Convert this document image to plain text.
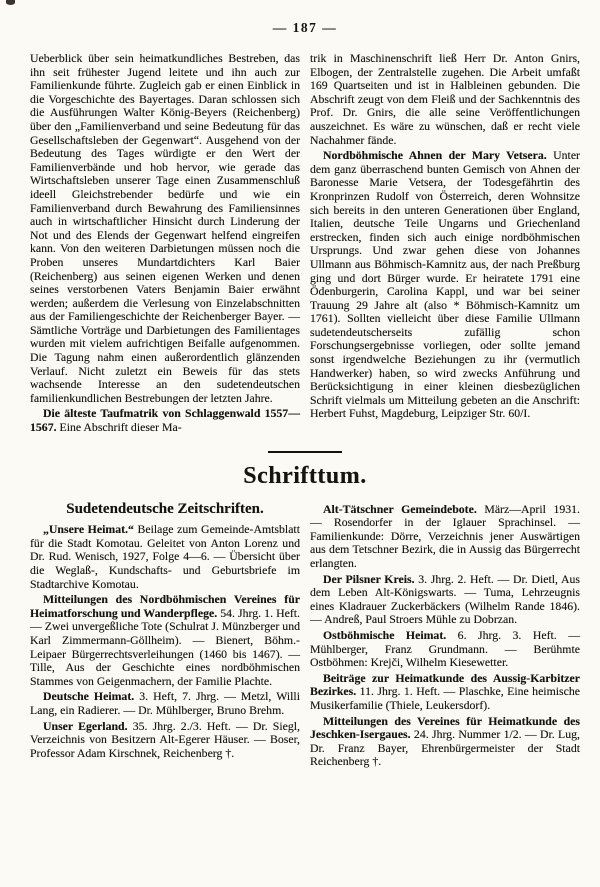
— 187 —

Ueberblick über sein heimatkundliches Bestreben, das ihn seit frühester Jugend leitete und ihn auch zur Familienkunde führte. Zugleich gab er einen Einblick in die Vorgeschichte des Bayertages. Daran schlossen sich die Ausführungen Walter König-Beyers (Reichenberg) über den „Familienverband und seine Bedeutung für das Gesellschaftsleben der Gegenwart“. Ausgehend von der Bedeutung des Tages würdigte er den Wert der Familienverbände und hob hervor, wie gerade das Wirtschaftsleben unserer Tage einen Zusammenschluß ideell Gleichstrebender bedürfe und wie ein Familienverband durch Bewahrung des Familiensinnes auch in wirtschaftlicher Hinsicht durch Linderung der Not und des Elends der Gegenwart helfend eingreifen kann. Von den weiteren Darbietungen müssen noch die Proben unseres Mundartdichters Karl Baier (Reichenberg) aus seinen eigenen Werken und denen seines verstorbenen Vaters Benjamin Baier erwähnt werden; außerdem die Verlesung von Einzelabschnitten aus der Familiengeschichte der Reichenberger Bayer. — Sämtliche Vorträge und Darbietungen des Familientages wurden mit vielem aufrichtigen Beifalle aufgenommen. Die Tagung nahm einen außerordentlich glänzenden Verlauf. Nicht zuletzt ein Beweis für das stets wachsende Interesse an den sudetendeutschen familienkundlichen Bestrebungen der letzten Jahre.

Die älteste Taufmatrik von Schlaggenwald 1557—1567. Eine Abschrift dieser Ma-

trik in Maschinenschrift ließ Herr Dr. Anton Gnirs, Elbogen, der Zentralstelle zugehen. Die Arbeit umfaßt 169 Quartseiten und ist in Halbleinen gebunden. Die Abschrift zeugt von dem Fleiß und der Sachkenntnis des Prof. Dr. Gnirs, die alle seine Veröffentlichungen auszeichnet. Es wäre zu wünschen, daß er recht viele Nachahmer fände.

Nordböhmische Ahnen der Mary Vetsera. Unter dem ganz überraschend bunten Gemisch von Ahnen der Baronesse Marie Vetsera, der Todesgefährtin des Kronprinzen Rudolf von Österreich, deren Wohnsitze sich bereits in den unteren Generationen über England, Italien, deutsche Teile Ungarns und Griechenland erstrecken, finden sich auch einige nordböhmischen Ursprungs. Und zwar gehen diese von Johannes Ullmann aus Böhmisch-Kamnitz aus, der nach Preßburg ging und dort Bürger wurde. Er heiratete 1791 eine Ödenburgerin, Carolina Kappl, und war bei seiner Trauung 29 Jahre alt (also * Böhmisch-Kamnitz um 1761). Sollten vielleicht über diese Familie Ullmann sudetendeutscherseits zufällig schon Forschungsergebnisse vorliegen, oder sollte jemand sonst irgendwelche Beziehungen zu ihr (vermutlich Handwerker) haben, so wird zwecks Anführung und Berücksichtigung in einer kleinen diesbezüglichen Schrift vielmals um Mitteilung gebeten an die Anschrift: Herbert Fuhst, Magdeburg, Leipziger Str. 60/I.

Schrifttum.
Sudetendeutsche Zeitschriften.

„Unsere Heimat.“ Beilage zum Gemeinde-Amtsblatt für die Stadt Komotau. Geleitet von Anton Lorenz und Dr. Rud. Wenisch, 1927, Folge 4—6. — Übersicht über die Weglaß-, Kundschafts- und Geburtsbriefe im Stadtarchive Komotau.

Mitteilungen des Nordböhmischen Vereines für Heimatforschung und Wanderpflege. 54. Jhrg. 1. Heft. — Zwei unvergeßliche Tote (Schulrat J. Münzberger und Karl Zimmermann-Göllheim). — Bienert, Böhm.-Leipaer Bürgerrechtsverleihungen (1460 bis 1467). — Tille, Aus der Geschichte eines nordböhmischen Stammes von Geigenmachern, der Familie Plachte.

Deutsche Heimat. 3. Heft, 7. Jhrg. — Metzl, Willi Lang, ein Radierer. — Dr. Mühlberger, Bruno Brehm.

Unser Egerland. 35. Jhrg. 2./3. Heft. — Dr. Siegl, Verzeichnis von Besitzern Alt-Egerer Häuser. — Boser, Professor Adam Kirschnek, Reichenberg †.

Alt-Tätschner Gemeindebote. März—April 1931. — Rosendorfer in der Iglauer Sprachinsel. — Familienkunde: Dörre, Verzeichnis jener Auswärtigen aus dem Tetschner Bezirk, die in Aussig das Bürgerrecht erlangten.

Der Pilsner Kreis. 3. Jhrg. 2. Heft. — Dr. Dietl, Aus dem Leben Alt-Königswarts. — Tuma, Lehrzeugnis eines Kladrauer Zuckerbäckers (Wilhelm Rande 1846). — Andreß, Paul Stroers Mühle zu Dobrzan.

Ostböhmische Heimat. 6. Jhrg. 3. Heft. — Mühlberger, Franz Grundmann. — Berühmte Ostböhmen: Krejči, Wilhelm Kiesewetter.

Beiträge zur Heimatkunde des Aussig-Karbitzer Bezirkes. 11. Jhrg. 1. Heft. — Plaschke, Eine heimische Musikerfamilie (Thiele, Leukersdorf).

Mitteilungen des Vereines für Heimatkunde des Jeschken-Isergaues. 24. Jhrg. Nummer 1/2. — Dr. Lug, Dr. Franz Bayer, Ehrenbürgermeister der Stadt Reichenberg †.
